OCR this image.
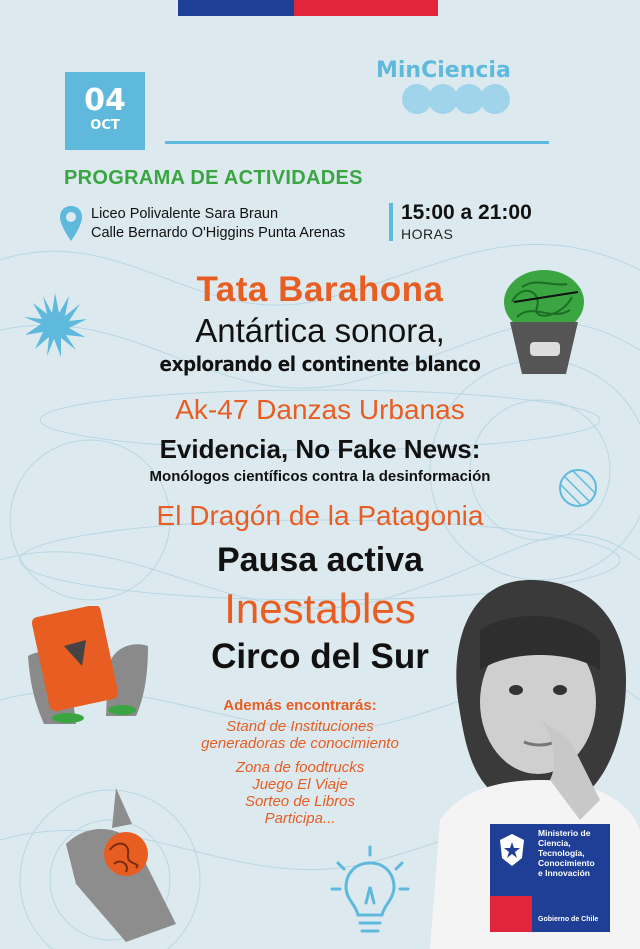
04
OCT
MinCiencia
PROGRAMA DE ACTIVIDADES
Liceo Polivalente Sara Braun
Calle Bernardo O'Higgins Punta Arenas
15:00 a 21:00
HORAS
Tata Barahona
Antártica sonora,
explorando el continente blanco
Ak-47 Danzas Urbanas
Evidencia, No Fake News:
Monólogos científicos contra la desinformación
El Dragón de la Patagonia
Pausa activa
Inestables
Circo del Sur
Además encontrarás:
Stand de Instituciones
generadoras de conocimiento
Zona de foodtrucks
Juego El Viaje
Sorteo de Libros
Participa...
Ministerio de
Ciencia,
Tecnología,
Conocimiento
e Innovación
Gobierno de Chile
